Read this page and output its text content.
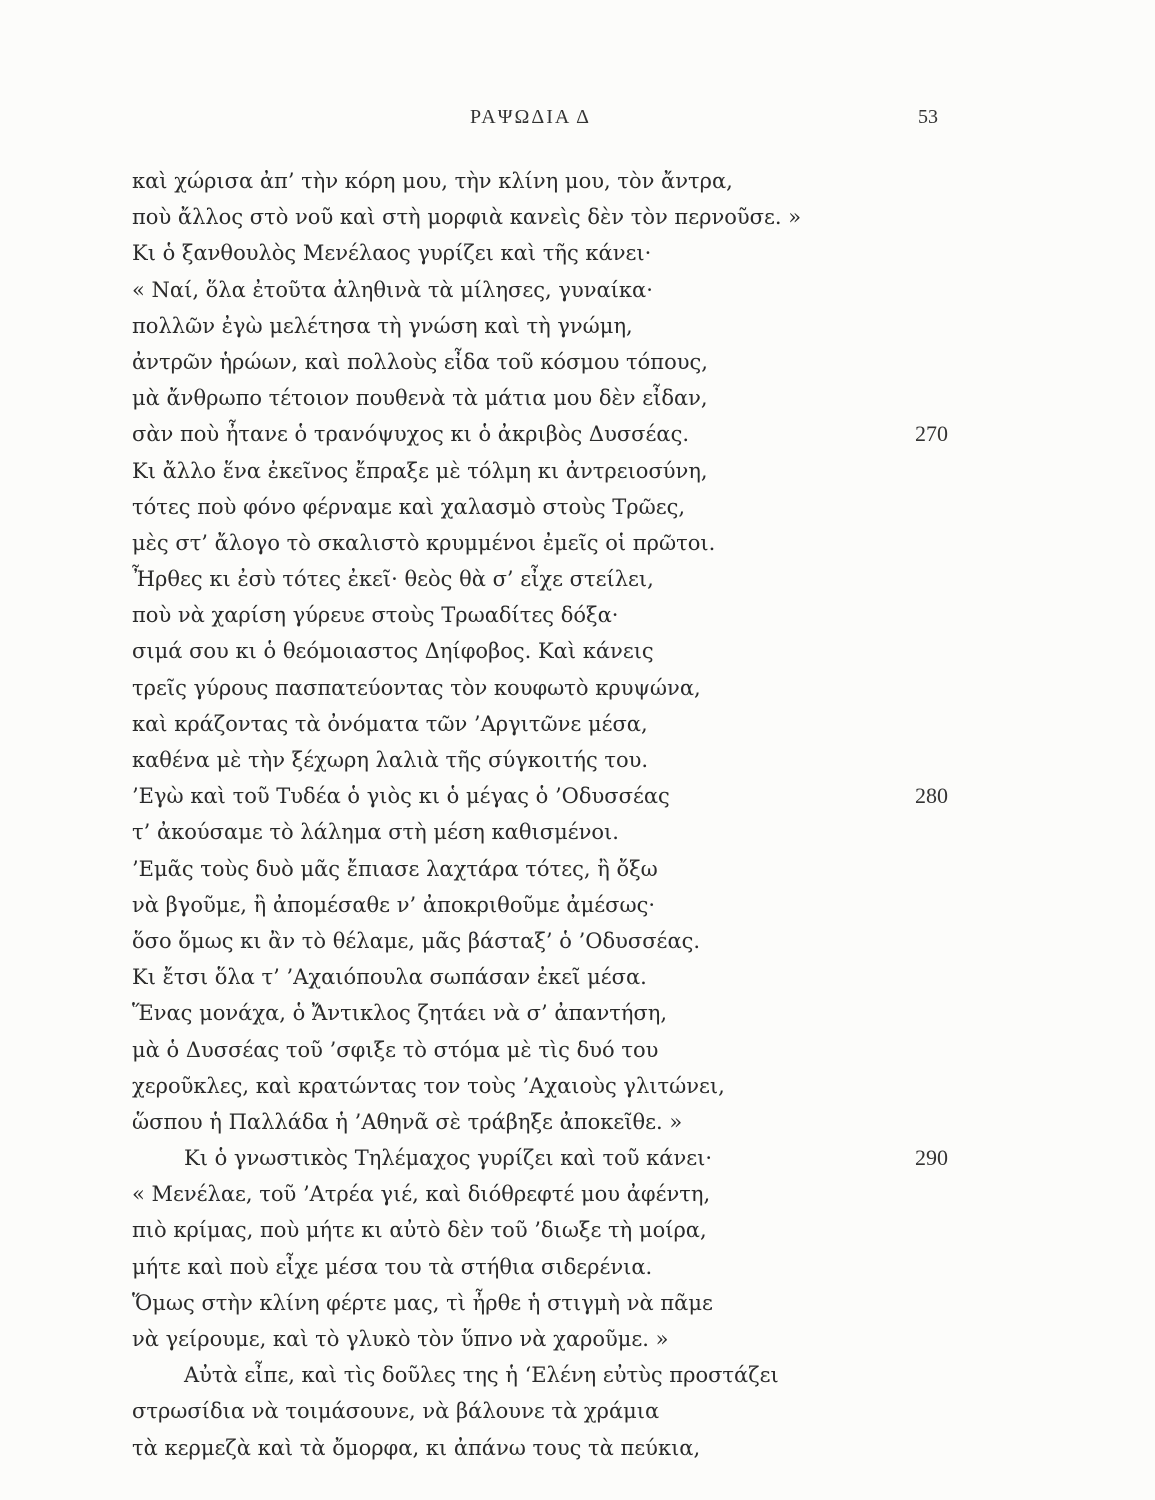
ΡΑΨΩΔΙΑ Δ	53
καὶ χώρισα ἀπ’ τὴν κόρη μου, τὴν κλίνη μου, τὸν ἄντρα,
ποὺ ἄλλος στὸ νοῦ καὶ στὴ μορφιὰ κανεὶς δὲν τὸν περνοῦσε. »
Κι ὁ ξανθουλὸς Μενέλαος γυρίζει καὶ τῆς κάνει·
« Ναί, ὅλα ἐτοῦτα ἀληθινὰ τὰ μίλησες, γυναίκα·
πολλῶν ἐγὼ μελέτησα τὴ γνώση καὶ τὴ γνώμη,
ἀντρῶν ἡρώων, καὶ πολλοὺς εἶδα τοῦ κόσμου τόπους,
μὰ ἄνθρωπο τέτοιον πουθενὰ τὰ μάτια μου δὲν εἶδαν,
σὰν ποὺ ἦτανε ὁ τρανόψυχος κι ὁ ἀκριβὸς Δυσσέας.	270
Κι ἄλλο ἕνα ἐκεῖνος ἔπραξε μὲ τόλμη κι ἀντρειοσύνη,
τότες ποὺ φόνο φέρναμε καὶ χαλασμὸ στοὺς Τρῶες,
μὲς στ’ ἄλογο τὸ σκαλιστὸ κρυμμένοι ἐμεῖς οἱ πρῶτοι.
Ἦρθες κι ἐσὺ τότες ἐκεῖ· θεὸς θὰ σ’ εἶχε στείλει,
ποὺ νὰ χαρίση γύρευε στοὺς Τρωαδίτες δόξα·
σιμά σου κι ὁ θεόμοιαστος Δηίφοβος. Καὶ κάνεις
τρεῖς γύρους πασπατεύοντας τὸν κουφωτὸ κρυψώνα,
καὶ κράζοντας τὰ ὀνόματα τῶν ’Αργιτῶνε μέσα,
καθένα μὲ τὴν ξέχωρη λαλιὰ τῆς σύγκοιτής του.
’Εγὼ καὶ τοῦ Τυδέα ὁ γιὸς κι ὁ μέγας ὁ ’Οδυσσέας	280
τ’ ἀκούσαμε τὸ λάλημα στὴ μέση καθισμένοι.
’Εμᾶς τοὺς δυὸ μᾶς ἔπιασε λαχτάρα τότες, ἢ ὄξω
νὰ βγοῦμε, ἢ ἀπομέσαθε ν’ ἀποκριθοῦμε ἀμέσως·
ὅσο ὅμως κι ἂν τὸ θέλαμε, μᾶς βάσταξ’ ὁ ’Οδυσσέας.
Κι ἔτσι ὅλα τ’ ’Αχαιόπουλα σωπάσαν ἐκεῖ μέσα.
Ἕνας μονάχα, ὁ Ἄντικλος ζητάει νὰ σ’ ἀπαντήση,
μὰ ὁ Δυσσέας τοῦ ’σφιξε τὸ στόμα μὲ τὶς δυό του
χεροῦκλες, καὶ κρατώντας τον τοὺς ’Αχαιοὺς γλιτώνει,
ὥσπου ἡ Παλλάδα ἡ ’Αθηνᾶ σὲ τράβηξε ἀποκεῖθε. »
Κι ὁ γνωστικὸς Τηλέμαχος γυρίζει καὶ τοῦ κάνει·	290
« Μενέλαε, τοῦ ’Ατρέα γιέ, καὶ διόθρεφτέ μου ἀφέντη,
πιὸ κρίμας, ποὺ μήτε κι αὐτὸ δὲν τοῦ ’διωξε τὴ μοίρα,
μήτε καὶ ποὺ εἶχε μέσα του τὰ στήθια σιδερένια.
Ὅμως στὴν κλίνη φέρτε μας, τὶ ἦρθε ἡ στιγμὴ νὰ πᾶμε
νὰ γείρουμε, καὶ τὸ γλυκὸ τὸν ὕπνο νὰ χαροῦμε. »
Αὐτὰ εἶπε, καὶ τὶς δοῦλες της ἡ ‘Ελένη εὐτὺς προστάζει
στρωσίδια νὰ τοιμάσουνε, νὰ βάλουνε τὰ χράμια
τὰ κερμεζὰ καὶ τὰ ὄμορφα, κι ἀπάνω τους τὰ πεύκια,
